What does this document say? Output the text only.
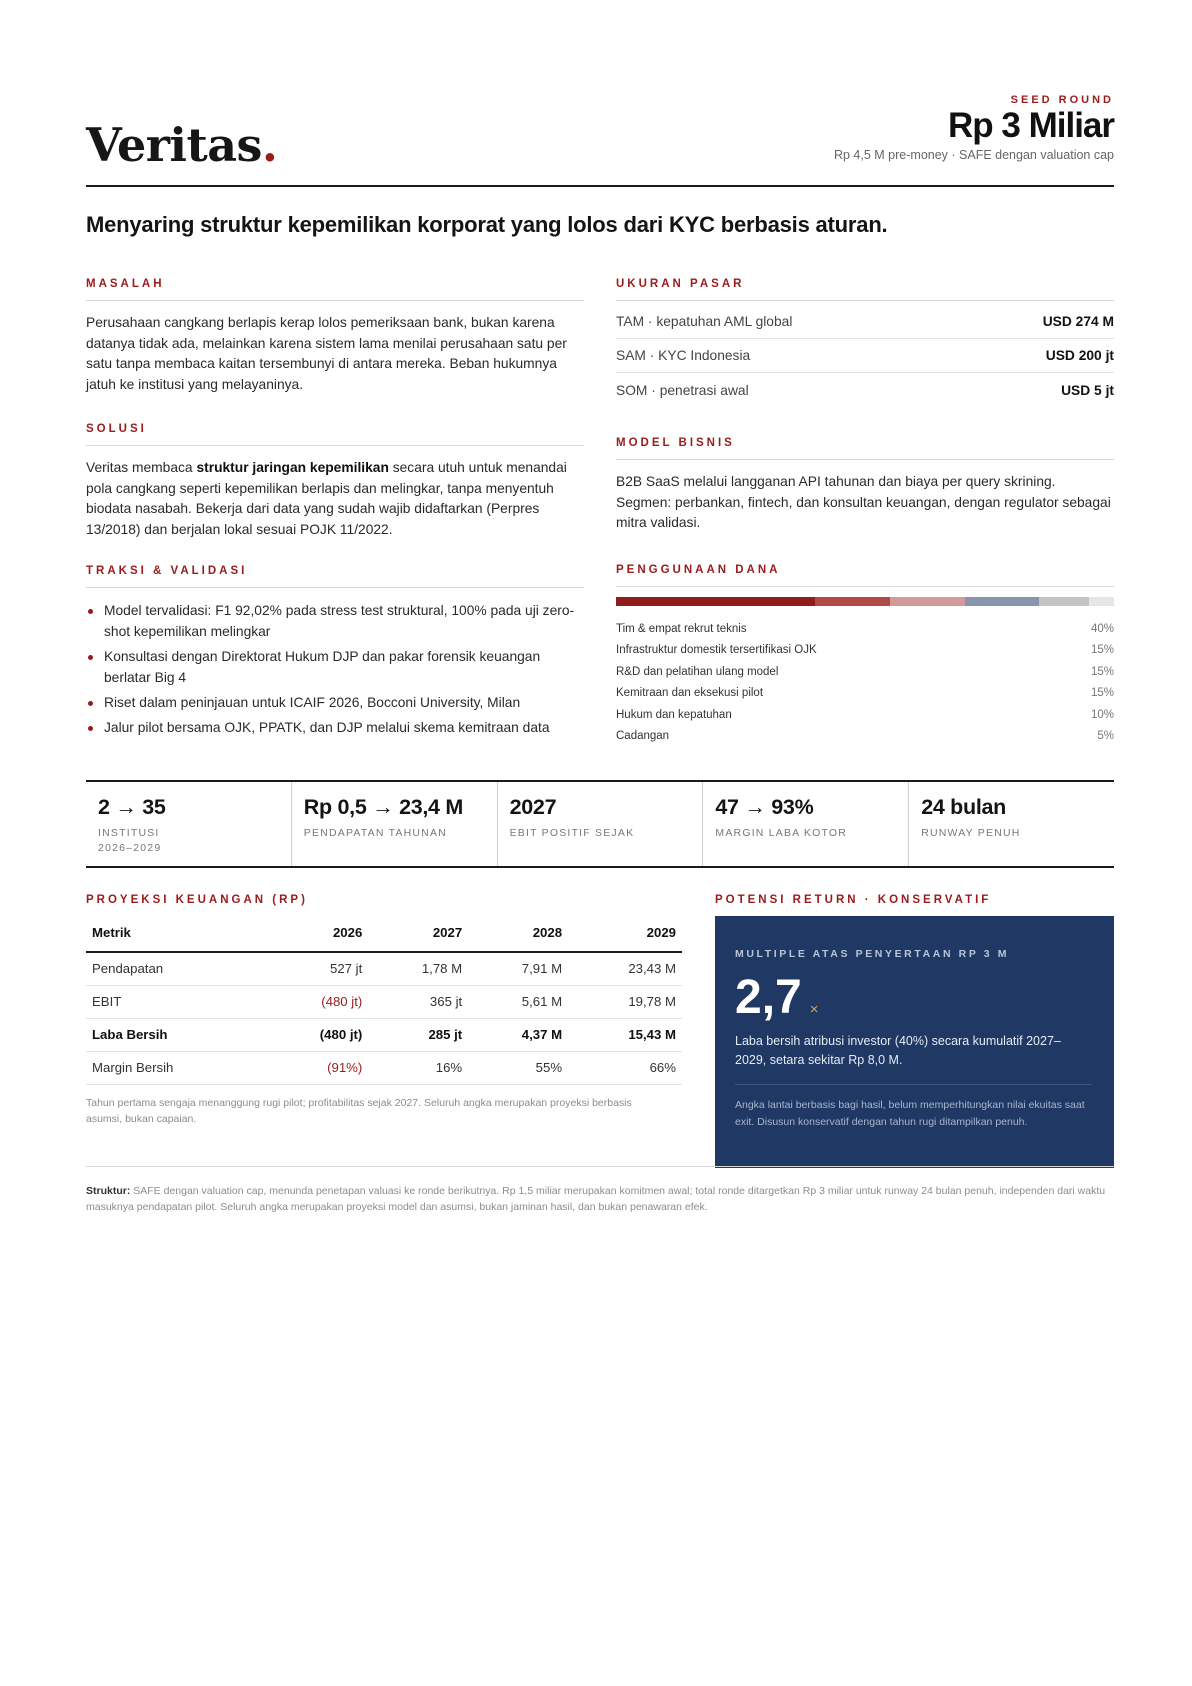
Veritas.
SEED ROUND
Rp 3 Miliar
Rp 4,5 M pre-money · SAFE dengan valuation cap
Menyaring struktur kepemilikan korporat yang lolos dari KYC berbasis aturan.
MASALAH
Perusahaan cangkang berlapis kerap lolos pemeriksaan bank, bukan karena datanya tidak ada, melainkan karena sistem lama menilai perusahaan satu per satu tanpa membaca kaitan tersembunyi di antara mereka. Beban hukumnya jatuh ke institusi yang melayaninya.
SOLUSI
Veritas membaca struktur jaringan kepemilikan secara utuh untuk menandai pola cangkang seperti kepemilikan berlapis dan melingkar, tanpa menyentuh biodata nasabah. Bekerja dari data yang sudah wajib didaftarkan (Perpres 13/2018) dan berjalan lokal sesuai POJK 11/2022.
TRAKSI & VALIDASI
Model tervalidasi: F1 92,02% pada stress test struktural, 100% pada uji zero-shot kepemilikan melingkar
Konsultasi dengan Direktorat Hukum DJP dan pakar forensik keuangan berlatar Big 4
Riset dalam peninjauan untuk ICAIF 2026, Bocconi University, Milan
Jalur pilot bersama OJK, PPATK, dan DJP melalui skema kemitraan data
UKURAN PASAR
TAM · kepatuhan AML global	USD 274 M
SAM · KYC Indonesia	USD 200 jt
SOM · penetrasi awal	USD 5 jt
MODEL BISNIS
B2B SaaS melalui langganan API tahunan dan biaya per query skrining. Segmen: perbankan, fintech, dan konsultan keuangan, dengan regulator sebagai mitra validasi.
PENGGUNAAN DANA
Tim & empat rekrut teknis	40%
Infrastruktur domestik tersertifikasi OJK	15%
R&D dan pelatihan ulang model	15%
Kemitraan dan eksekusi pilot	15%
Hukum dan kepatuhan	10%
Cadangan	5%
2 → 35
INSTITUSI
2026–2029
Rp 0,5 → 23,4 M
PENDAPATAN TAHUNAN
2027
EBIT POSITIF SEJAK
47 → 93%
MARGIN LABA KOTOR
24 bulan
RUNWAY PENUH
PROYEKSI KEUANGAN (RP)
Metrik	2026	2027	2028	2029
Pendapatan	527 jt	1,78 M	7,91 M	23,43 M
EBIT	(480 jt)	365 jt	5,61 M	19,78 M
Laba Bersih	(480 jt)	285 jt	4,37 M	15,43 M
Margin Bersih	(91%)	16%	55%	66%
Tahun pertama sengaja menanggung rugi pilot; profitabilitas sejak 2027. Seluruh angka merupakan proyeksi berbasis asumsi, bukan capaian.
POTENSI RETURN · KONSERVATIF
MULTIPLE ATAS PENYERTAAN RP 3 M
2,7 ×
Laba bersih atribusi investor (40%) secara kumulatif 2027–2029, setara sekitar Rp 8,0 M.
Angka lantai berbasis bagi hasil, belum memperhitungkan nilai ekuitas saat exit. Disusun konservatif dengan tahun rugi ditampilkan penuh.
Struktur: SAFE dengan valuation cap, menunda penetapan valuasi ke ronde berikutnya. Rp 1,5 miliar merupakan komitmen awal; total ronde ditargetkan Rp 3 miliar untuk runway 24 bulan penuh, independen dari waktu masuknya pendapatan pilot. Seluruh angka merupakan proyeksi model dan asumsi, bukan jaminan hasil, dan bukan penawaran efek.
